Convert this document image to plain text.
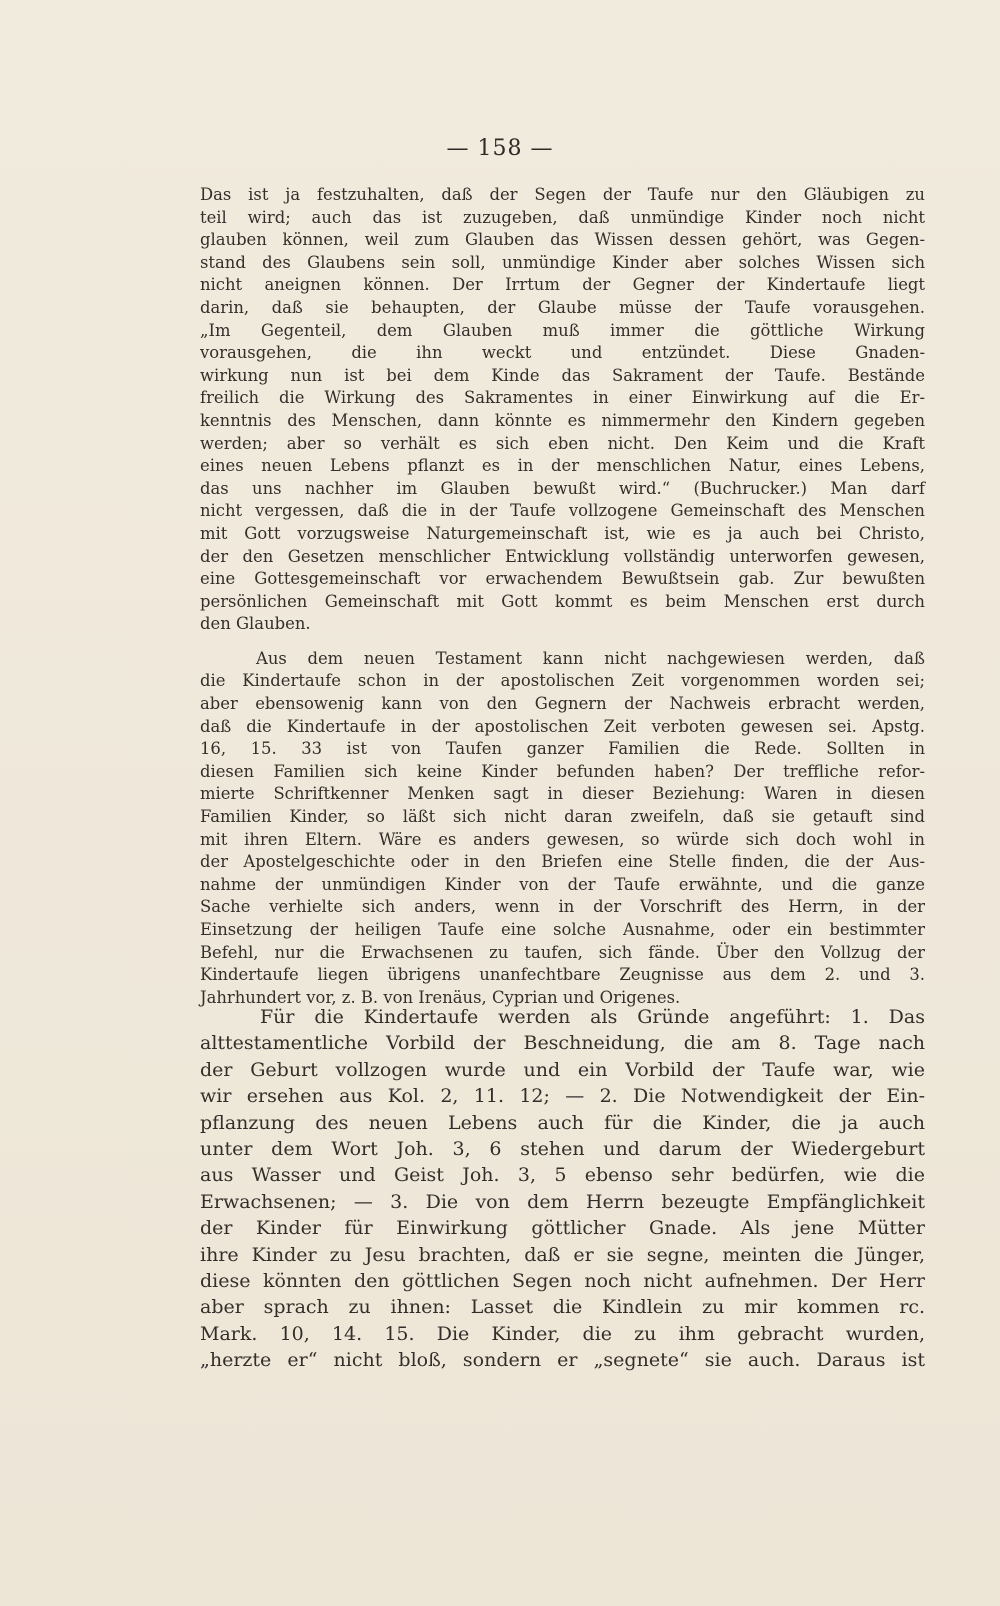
— 158 —
Das ist ja festzuhalten, daß der Segen der Taufe nur den Gläubigen zu
teil wird; auch das ist zuzugeben, daß unmündige Kinder noch nicht
glauben können, weil zum Glauben das Wissen dessen gehört, was Gegen-
stand des Glaubens sein soll, unmündige Kinder aber solches Wissen sich
nicht aneignen können. Der Irrtum der Gegner der Kindertaufe liegt
darin, daß sie behaupten, der Glaube müsse der Taufe vorausgehen.
„Im Gegenteil, dem Glauben muß immer die göttliche Wirkung
vorausgehen, die ihn weckt und entzündet. Diese Gnaden-
wirkung nun ist bei dem Kinde das Sakrament der Taufe. Bestände
freilich die Wirkung des Sakramentes in einer Einwirkung auf die Er-
kenntnis des Menschen, dann könnte es nimmermehr den Kindern gegeben
werden; aber so verhält es sich eben nicht. Den Keim und die Kraft
eines neuen Lebens pflanzt es in der menschlichen Natur, eines Lebens,
das uns nachher im Glauben bewußt wird.“ (Buchrucker.) Man darf
nicht vergessen, daß die in der Taufe vollzogene Gemeinschaft des Menschen
mit Gott vorzugsweise Naturgemeinschaft ist, wie es ja auch bei Christo,
der den Gesetzen menschlicher Entwicklung vollständig unterworfen gewesen,
eine Gottesgemeinschaft vor erwachendem Bewußtsein gab. Zur bewußten
persönlichen Gemeinschaft mit Gott kommt es beim Menschen erst durch
den Glauben.
Aus dem neuen Testament kann nicht nachgewiesen werden, daß
die Kindertaufe schon in der apostolischen Zeit vorgenommen worden sei;
aber ebensowenig kann von den Gegnern der Nachweis erbracht werden,
daß die Kindertaufe in der apostolischen Zeit verboten gewesen sei. Apstg.
16, 15. 33 ist von Taufen ganzer Familien die Rede. Sollten in
diesen Familien sich keine Kinder befunden haben? Der treffliche refor-
mierte Schriftkenner Menken sagt in dieser Beziehung: Waren in diesen
Familien Kinder, so läßt sich nicht daran zweifeln, daß sie getauft sind
mit ihren Eltern. Wäre es anders gewesen, so würde sich doch wohl in
der Apostelgeschichte oder in den Briefen eine Stelle finden, die der Aus-
nahme der unmündigen Kinder von der Taufe erwähnte, und die ganze
Sache verhielte sich anders, wenn in der Vorschrift des Herrn, in der
Einsetzung der heiligen Taufe eine solche Ausnahme, oder ein bestimmter
Befehl, nur die Erwachsenen zu taufen, sich fände. Über den Vollzug der
Kindertaufe liegen übrigens unanfechtbare Zeugnisse aus dem 2. und 3.
Jahrhundert vor, z. B. von Irenäus, Cyprian und Origenes.
Für die Kindertaufe werden als Gründe angeführt: 1. Das
alttestamentliche Vorbild der Beschneidung, die am 8. Tage nach
der Geburt vollzogen wurde und ein Vorbild der Taufe war, wie
wir ersehen aus Kol. 2, 11. 12; — 2. Die Notwendigkeit der Ein-
pflanzung des neuen Lebens auch für die Kinder, die ja auch
unter dem Wort Joh. 3, 6 stehen und darum der Wiedergeburt
aus Wasser und Geist Joh. 3, 5 ebenso sehr bedürfen, wie die
Erwachsenen; — 3. Die von dem Herrn bezeugte Empfänglichkeit
der Kinder für Einwirkung göttlicher Gnade. Als jene Mütter
ihre Kinder zu Jesu brachten, daß er sie segne, meinten die Jünger,
diese könnten den göttlichen Segen noch nicht aufnehmen. Der Herr
aber sprach zu ihnen: Lasset die Kindlein zu mir kommen rc.
Mark. 10, 14. 15. Die Kinder, die zu ihm gebracht wurden,
„herzte er“ nicht bloß, sondern er „segnete“ sie auch. Daraus ist
